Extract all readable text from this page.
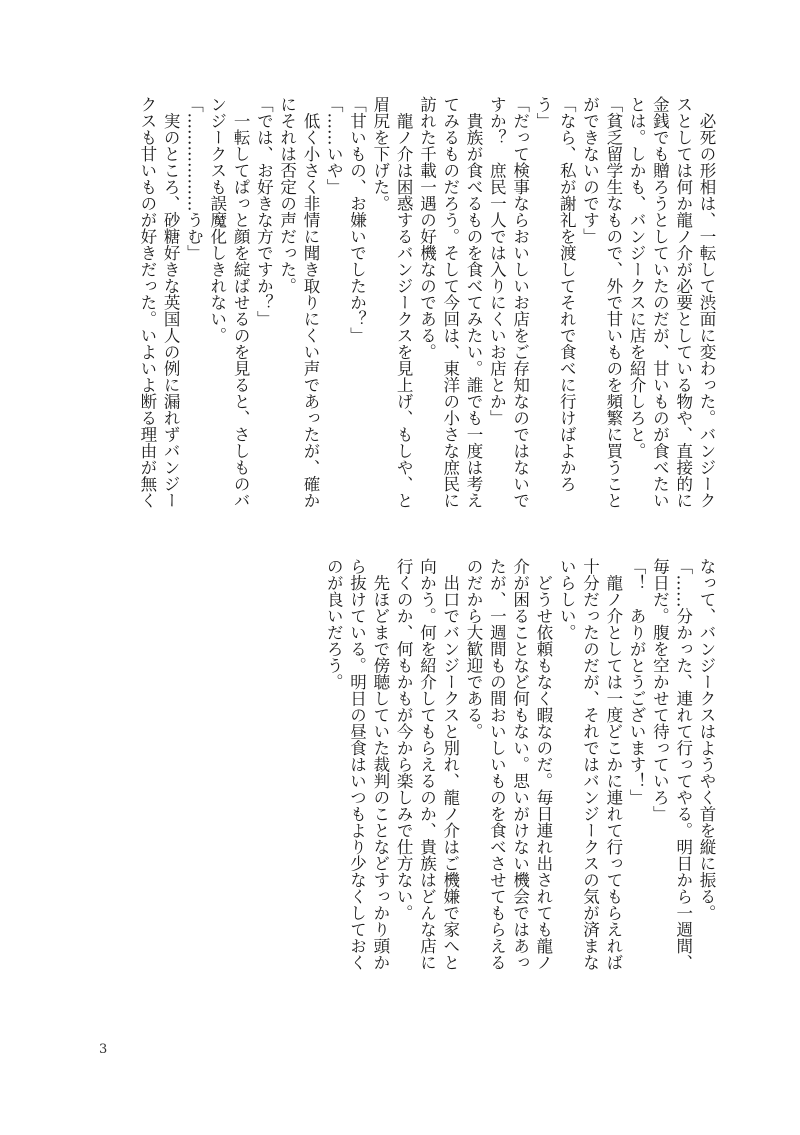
　必死の形相は、一転して渋面に変わった。バンジーク
スとしては何か龍ノ介が必要としている物や、直接的に
金銭でも贈ろうとしていたのだが、甘いものが食べたい
とは。しかも、バンジークスに店を紹介しろと。
「貧乏留学生なもので、外で甘いものを頻繁に買うこと
ができないのです」
「なら、私が謝礼を渡してそれで食べに行けばよかろ
う」
「だって検事ならおいしいお店をご存知なのではないで
すか？　庶民一人では入りにくいお店とか」
　貴族が食べるものを食べてみたい。誰でも一度は考え
てみるものだろう。そして今回は、東洋の小さな庶民に
訪れた千載一遇の好機なのである。
　龍ノ介は困惑するバンジークスを見上げ、もしや、と
眉尻を下げた。
「甘いもの、お嫌いでしたか？」
「……いや」
　低く小さく非情に聞き取りにくい声であったが、確か
にそれは否定の声だった。
「では、お好きな方ですか？」
　一転してぱっと顔を綻ばせるのを見ると、さしものバ
ンジークスも誤魔化しきれない。
「………………うむ」
　実のところ、砂糖好きな英国人の例に漏れずバンジー
クスも甘いものが好きだった。いよいよ断る理由が無く
なって、バンジークスはようやく首を縦に振る。
「……分かった、連れて行ってやる。明日から一週間、
毎日だ。腹を空かせて待っていろ」
「！　ありがとうございます！」
　龍ノ介としては一度どこかに連れて行ってもらえれば
十分だったのだが、それではバンジークスの気が済まな
いらしい。
　どうせ依頼もなく暇なのだ。毎日連れ出されても龍ノ
介が困ることなど何もない。思いがけない機会ではあっ
たが、一週間もの間おいしいものを食べさせてもらえる
のだから大歓迎である。
　出口でバンジークスと別れ、龍ノ介はご機嫌で家へと
向かう。何を紹介してもらえるのか、貴族はどんな店に
行くのか、何もかもが今から楽しみで仕方ない。
　先ほどまで傍聴していた裁判のことなどすっかり頭か
ら抜けている。明日の昼食はいつもより少なくしておく
のが良いだろう。
3
